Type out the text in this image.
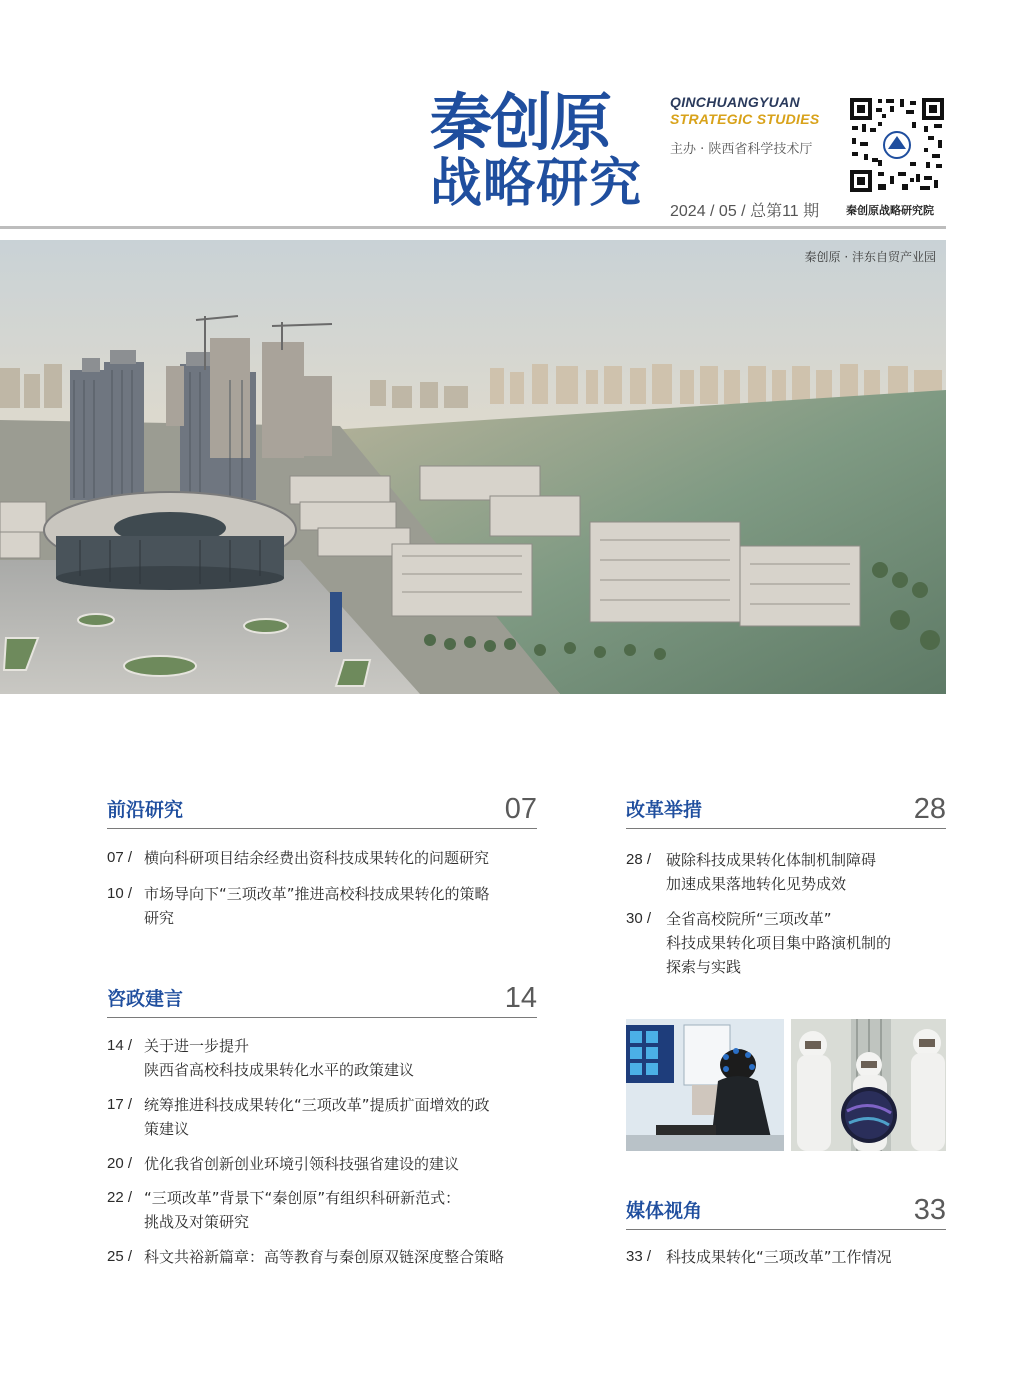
秦创原
战略研究
QINCHUANGYUAN
STRATEGIC STUDIES
主办 · 陕西省科学技术厅
2024 / 05 / 总第11 期 秦创原战略研究院
秦创原 · 沣东自贸产业园
前沿研究	07
07 / 横向科研项目结余经费出资科技成果转化的问题研究
10 / 市场导向下“三项改革”推进高校科技成果转化的策略
研究
咨政建言	14
14 / 关于进一步提升
陕西省高校科技成果转化水平的政策建议
17 / 统筹推进科技成果转化“三项改革”提质扩面增效的政
策建议
20 / 优化我省创新创业环境引领科技强省建设的建议
22 / “三项改革”背景下“秦创原”有组织科研新范式：
挑战及对策研究
25 / 科文共裕新篇章：高等教育与秦创原双链深度整合策略
改革举措	28
28 / 破除科技成果转化体制机制障碍
加速成果落地转化见势成效
30 / 全省高校院所“三项改革”
科技成果转化项目集中路演机制的
探索与实践
媒体视角	33
33 / 科技成果转化“三项改革”工作情况
